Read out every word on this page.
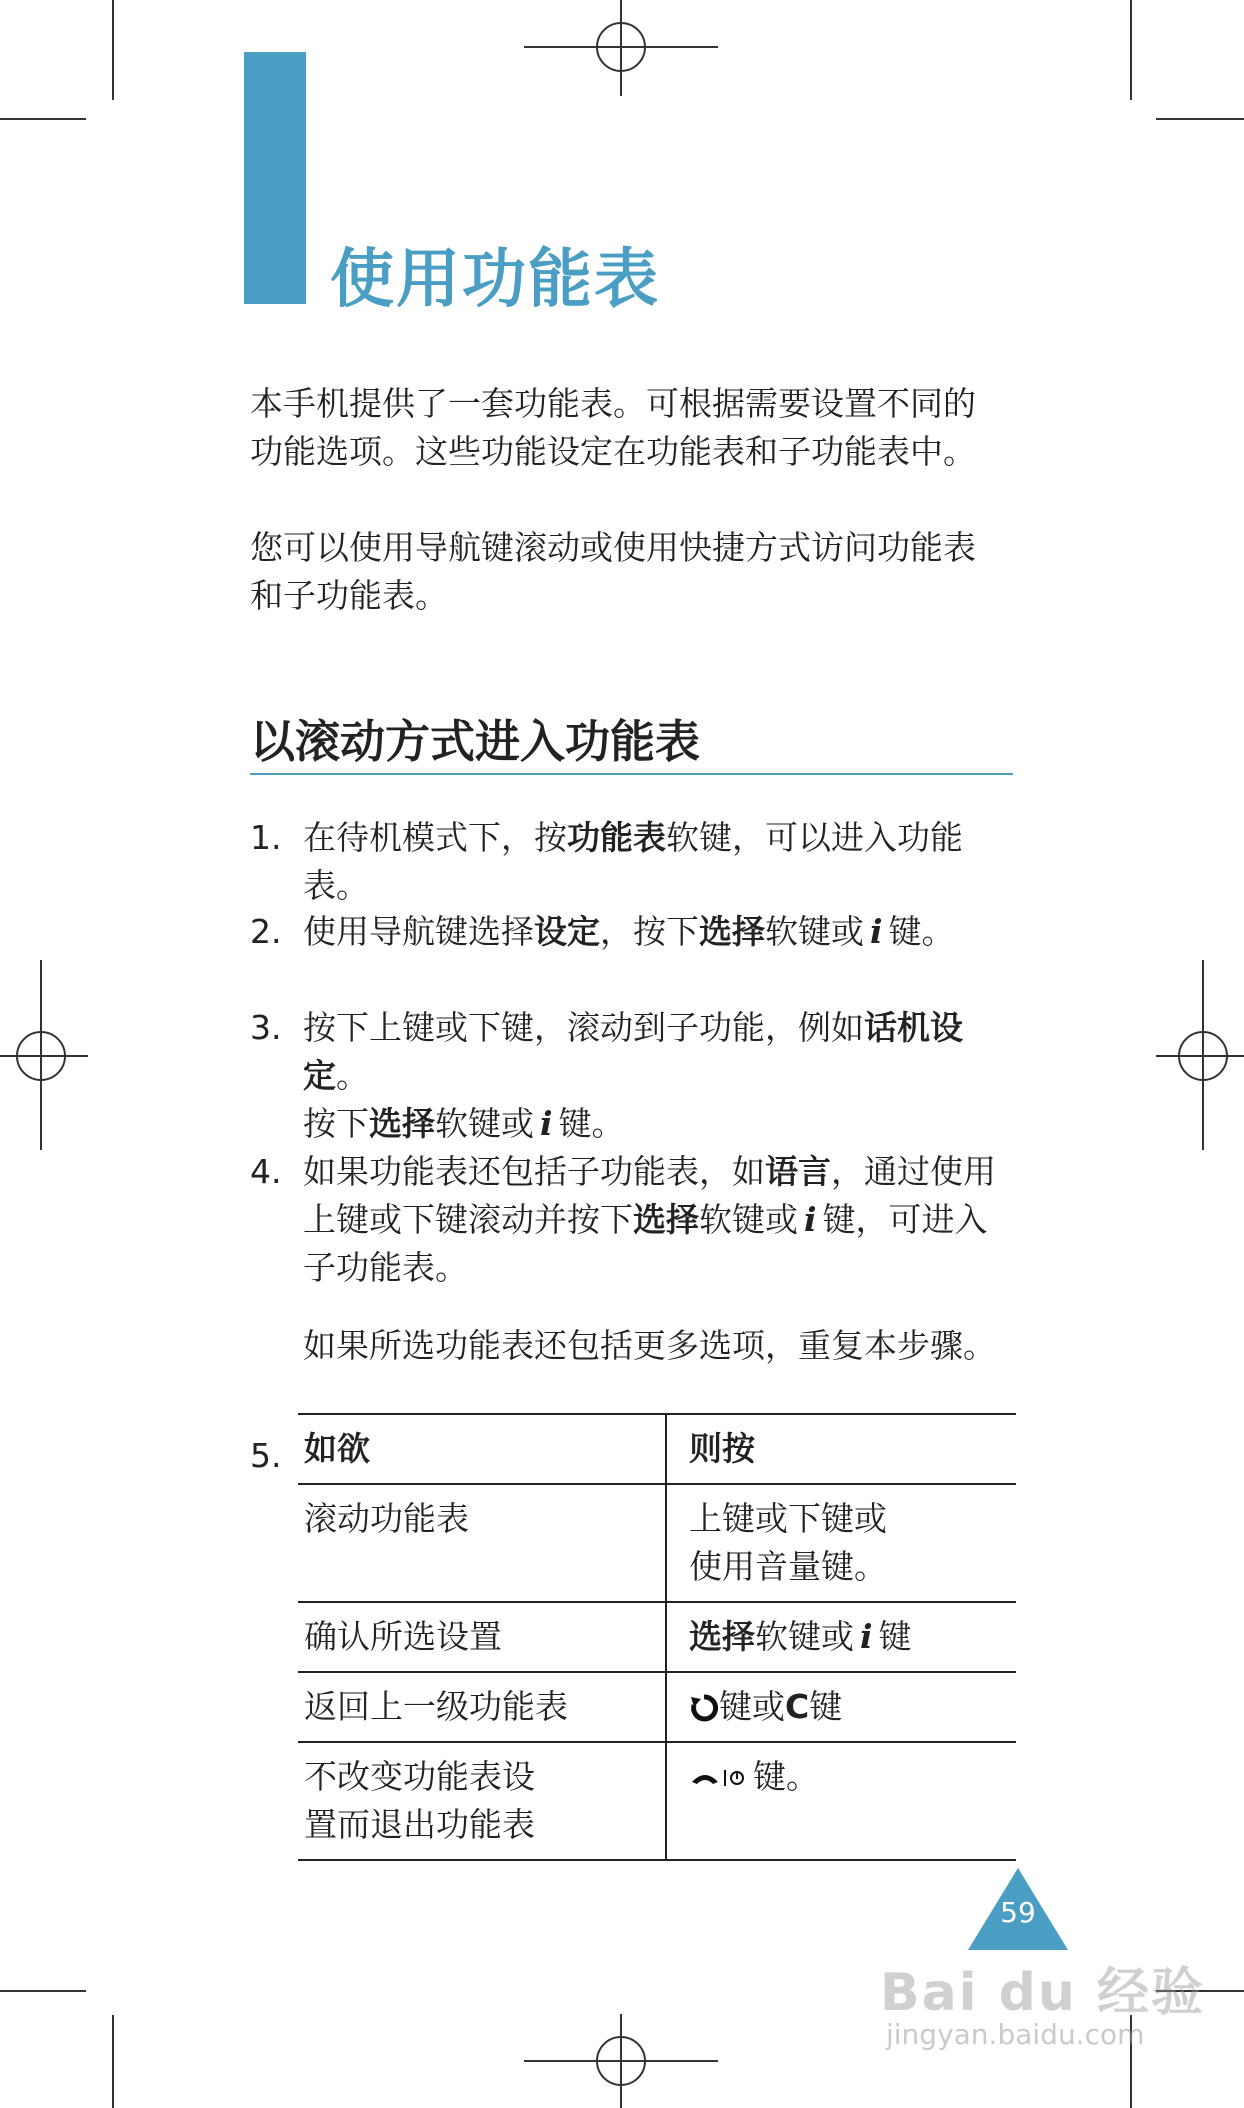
使用功能表
本手机提供了一套功能表。可根据需要设置不同的
功能选项。这些功能设定在功能表和子功能表中。
您可以使用导航键滚动或使用快捷方式访问功能表
和子功能表。
以滚动方式进入功能表
1. 在待机模式下，按功能表软键，可以进入功能表。
2. 使用导航键选择设定，按下选择软键或 i 键。
3. 按下上键或下键，滚动到子功能，例如话机设定。
按下选择软键或 i 键。
4. 如果功能表还包括子功能表，如语言，通过使用
上键或下键滚动并按下选择软键或 i 键，可进入
子功能表。
如果所选功能表还包括更多选项，重复本步骤。
5. 如欲	则按

滚动功能表	上键或下键或
使用音量键。

确认所选设置	选择软键或 i 键
返回上一级功能表	键或C键

不改变功能表设
置而退出功能表	键。
59
Bai du 经验
jingyan.baidu.com
